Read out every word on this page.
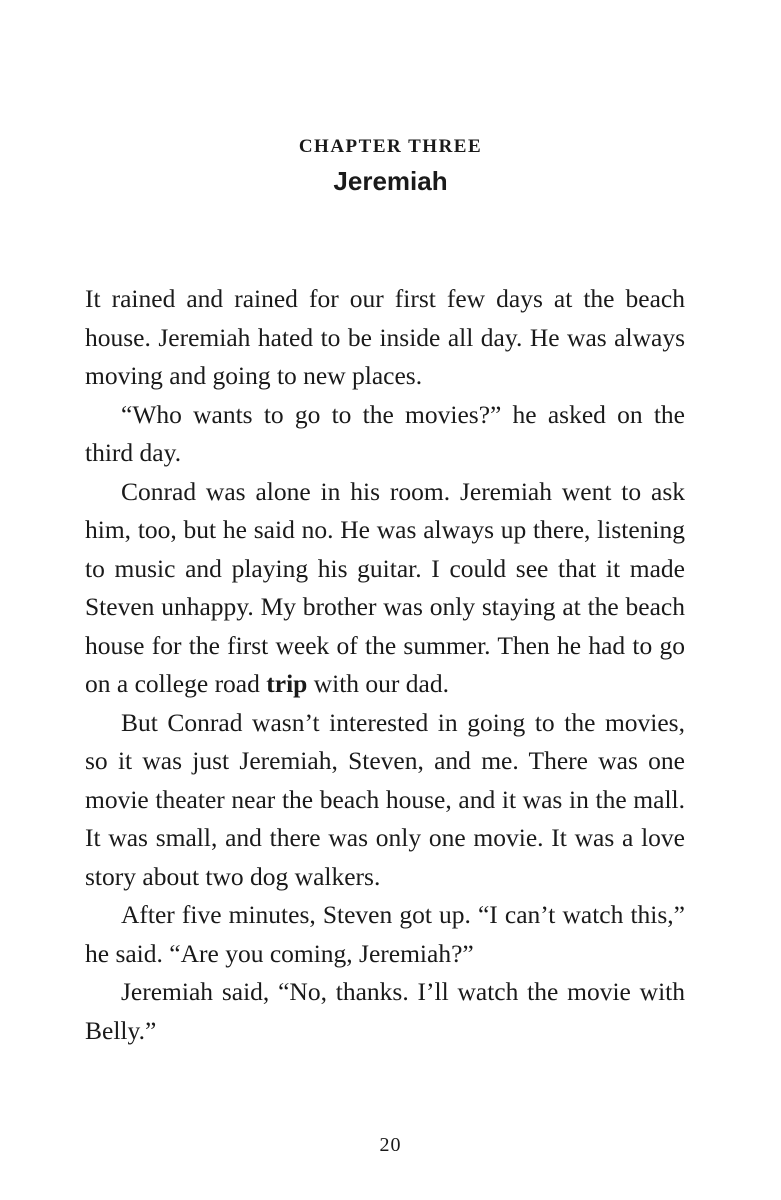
CHAPTER THREE
Jeremiah

It rained and rained for our first few days at the beach house. Jeremiah hated to be inside all day. He was always moving and going to new places.

“Who wants to go to the movies?” he asked on the third day.

Conrad was alone in his room. Jeremiah went to ask him, too, but he said no. He was always up there, listening to music and playing his guitar. I could see that it made Steven unhappy. My brother was only staying at the beach house for the first week of the summer. Then he had to go on a college road trip with our dad.

But Conrad wasn’t interested in going to the movies, so it was just Jeremiah, Steven, and me. There was one movie theater near the beach house, and it was in the mall. It was small, and there was only one movie. It was a love story about two dog walkers.

After five minutes, Steven got up. “I can’t watch this,” he said. “Are you coming, Jeremiah?”

Jeremiah said, “No, thanks. I’ll watch the movie with Belly.”

20
